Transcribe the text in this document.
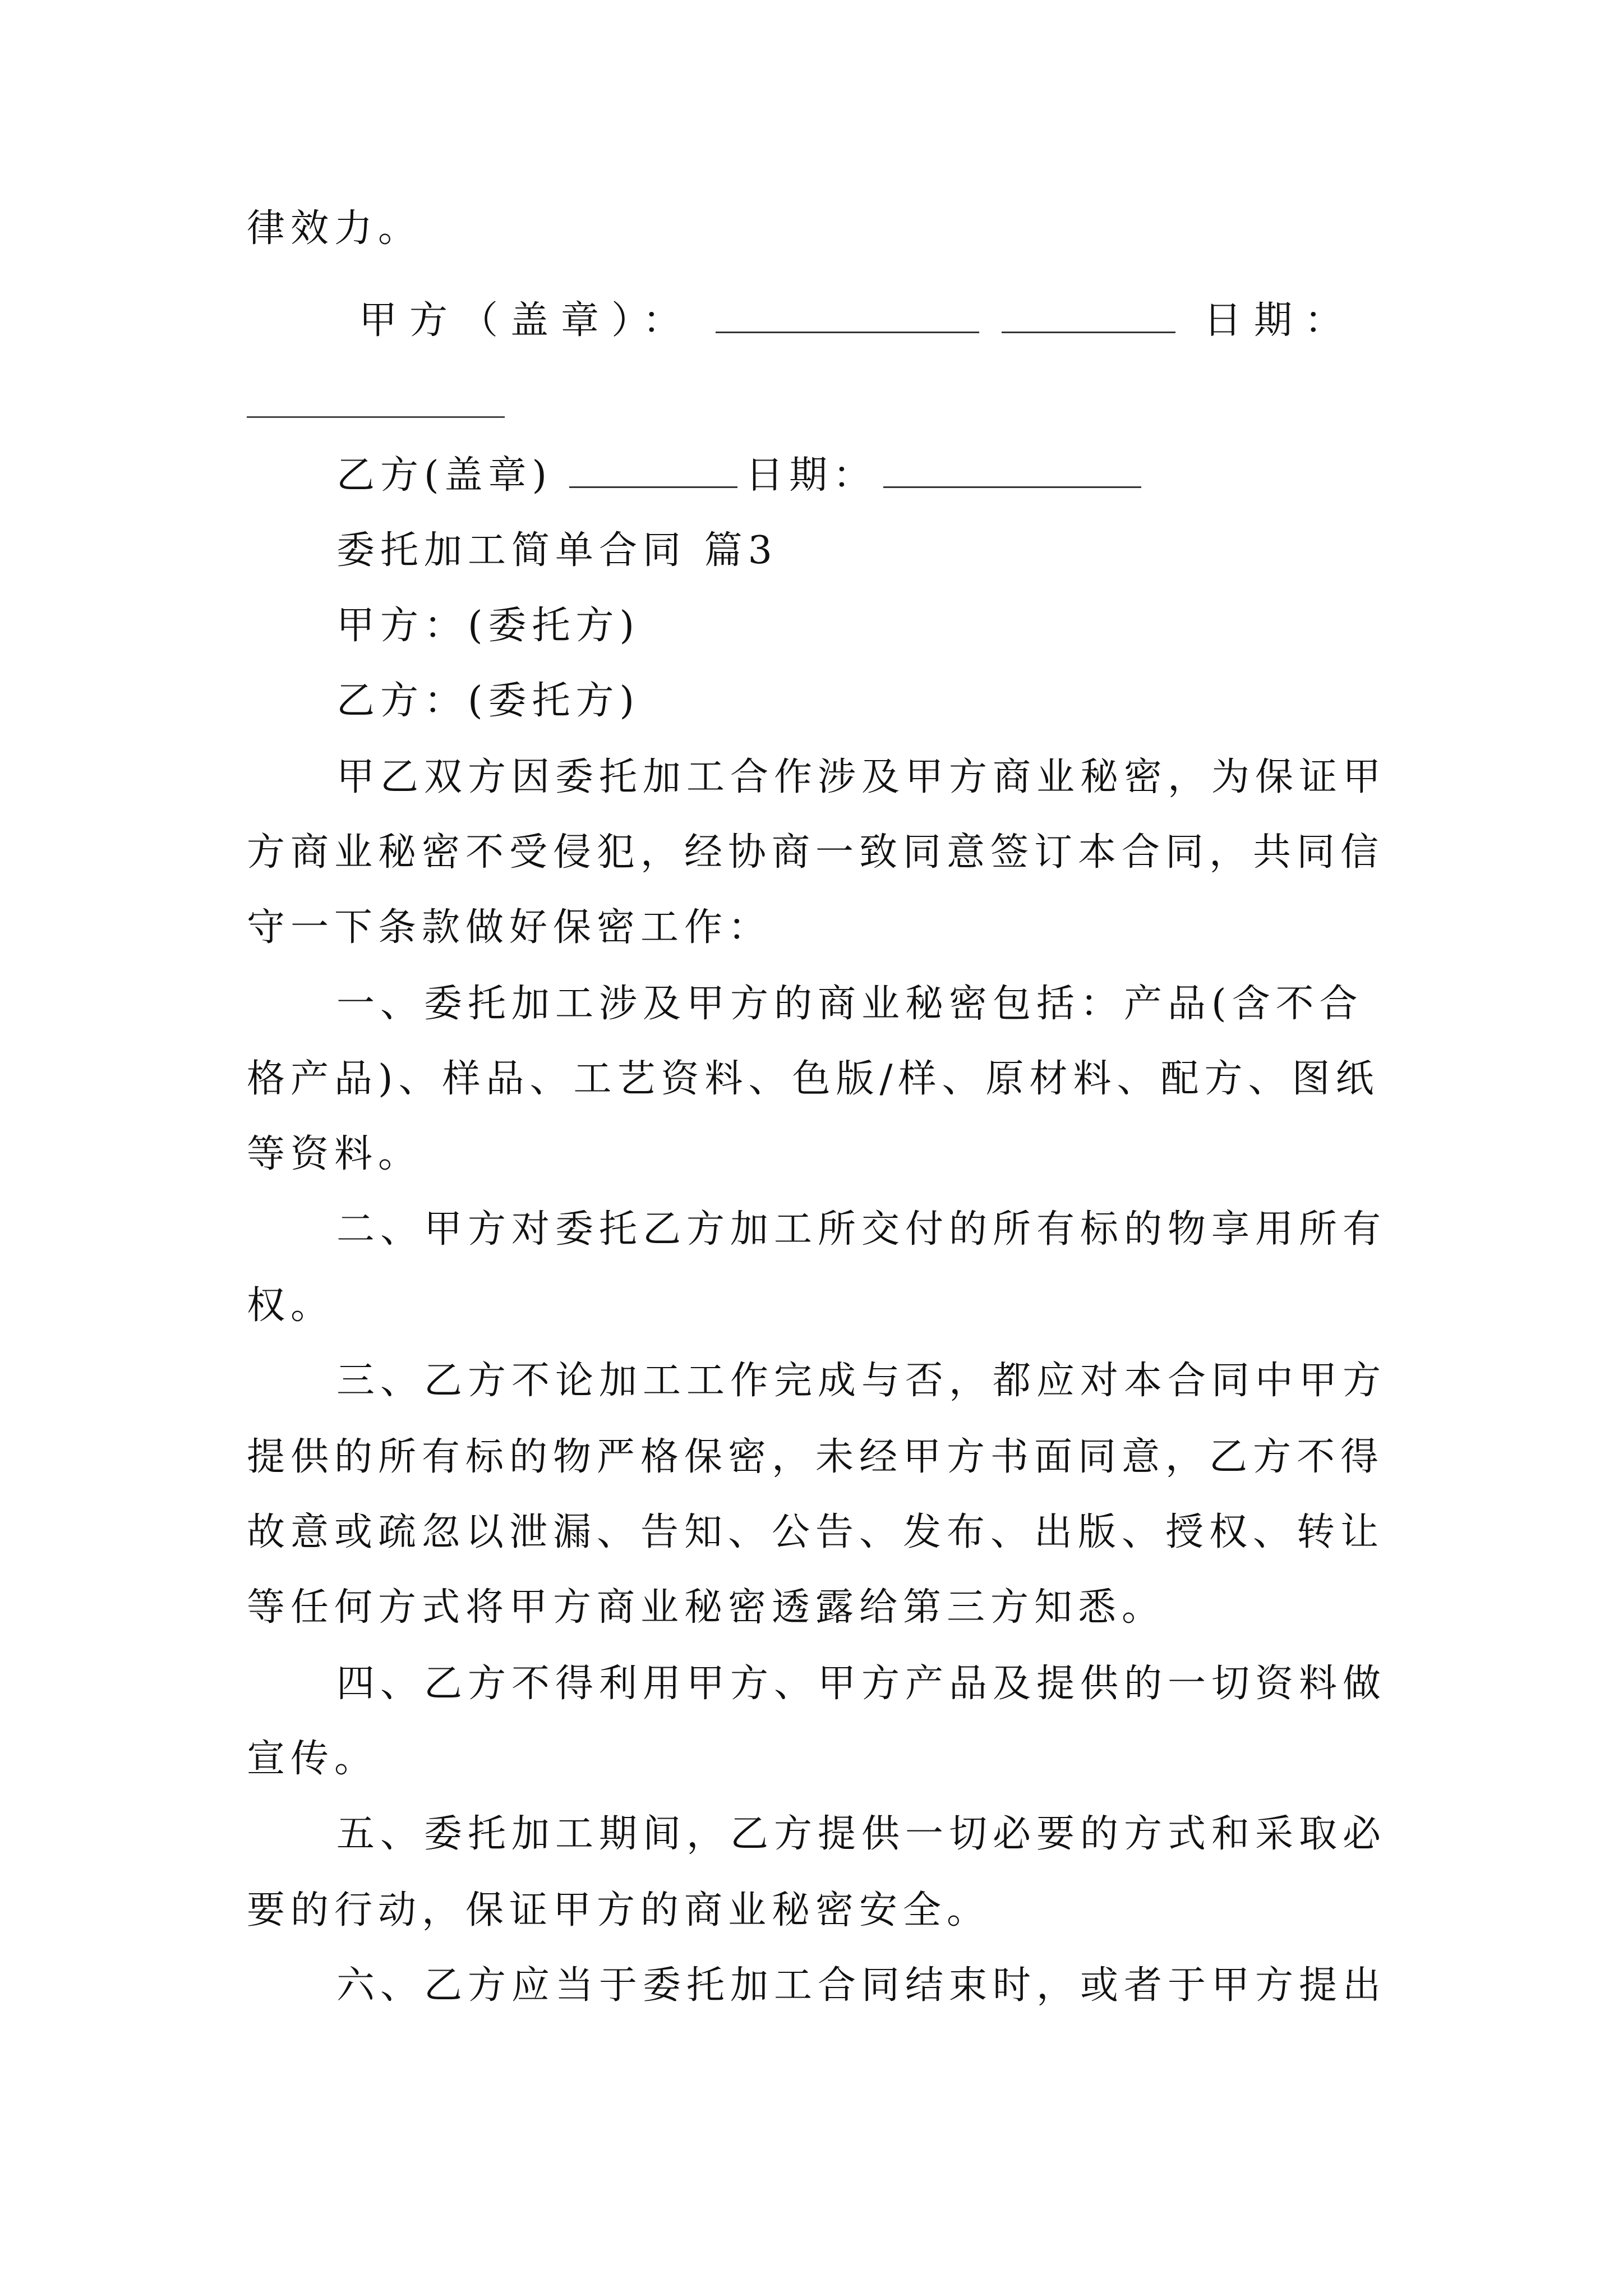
律效力。
甲方（盖章）：	日期：
乙方(盖章)	日期：
委托加工简单合同 篇3
甲方：(委托方)
乙方：(委托方)
甲乙双方因委托加工合作涉及甲方商业秘密，为保证甲
方商业秘密不受侵犯，经协商一致同意签订本合同，共同信
守一下条款做好保密工作：
一、委托加工涉及甲方的商业秘密包括：产品(含不合
格产品)、样品、工艺资料、色版/样、原材料、配方、图纸
等资料。
二、甲方对委托乙方加工所交付的所有标的物享用所有
权。
三、乙方不论加工工作完成与否，都应对本合同中甲方
提供的所有标的物严格保密，未经甲方书面同意，乙方不得
故意或疏忽以泄漏、告知、公告、发布、出版、授权、转让
等任何方式将甲方商业秘密透露给第三方知悉。
四、乙方不得利用甲方、甲方产品及提供的一切资料做
宣传。
五、委托加工期间，乙方提供一切必要的方式和采取必
要的行动，保证甲方的商业秘密安全。
六、乙方应当于委托加工合同结束时，或者于甲方提出
